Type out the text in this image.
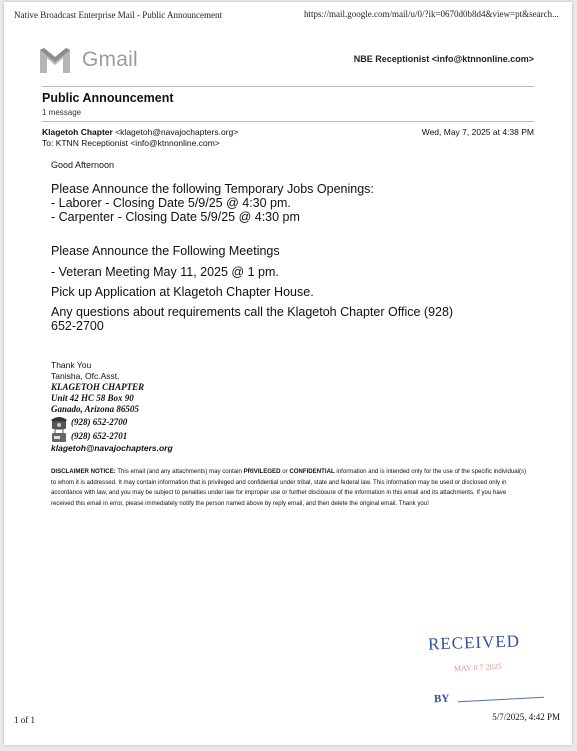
Native Broadcast Enterprise Mail - Public Announcement	https://mail.google.com/mail/u/0/?ik=0670d0b8d4&view=pt&search...
Gmail	NBE Receptionist <info@ktnnonline.com>
Public Announcement
1 message
Klagetoh Chapter <klagetoh@navajochapters.org>
To: KTNN Receptionist <info@ktnnonline.com>
Wed, May 7, 2025 at 4:38 PM

Good Afternoon

Please Announce the following Temporary Jobs Openings:

- Laborer - Closing Date 5/9/25 @ 4:30 pm.

- Carpenter - Closing Date 5/9/25 @ 4:30 pm

Please Announce the Following Meetings

- Veteran Meeting May 11, 2025 @ 1 pm.

Pick up Application at Klagetoh Chapter House.

Any questions about requirements call the Klagetoh Chapter Office (928)

652-2700

Thank You
Tanisha, Ofc.Asst.
KLAGETOH CHAPTER
Unit 42 HC 58 Box 90
Ganado, Arizona 86505
(928) 652-2700
(928) 652-2701
klagetoh@navajochapters.org
DISCLAIMER NOTICE: This email (and any attachments) may contain PRIVILEGED or CONFIDENTIAL information and is intended only for the use of the specific individual(s) to whom it is addressed. It may contain information that is privileged and confidential under tribal, state and federal law. This information may be used or disclosed only in accordance with law, and you may be subject to penalties under law for improper use or further disclosure of the information in this email and its attachments. If you have received this email in error, please immediately notify the person named above by reply email, and then delete the original email. Thank you!
RECEIVED
MAY 0 7 2025
BY
1 of 1	5/7/2025, 4:42 PM
